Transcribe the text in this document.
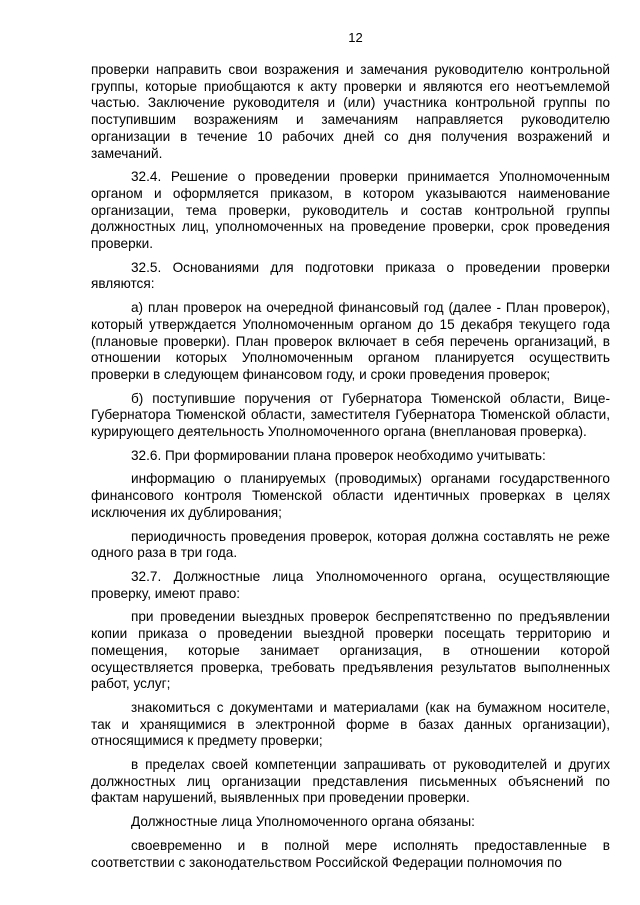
12

проверки направить свои возражения и замечания руководителю контрольной группы, которые приобщаются к акту проверки и являются его неотъемлемой частью. Заключение руководителя и (или) участника контрольной группы по поступившим возражениям и замечаниям направляется руководителю организации в течение 10 рабочих дней со дня получения возражений и замечаний.

32.4. Решение о проведении проверки принимается Уполномоченным органом и оформляется приказом, в котором указываются наименование организации, тема проверки, руководитель и состав контрольной группы должностных лиц, уполномоченных на проведение проверки, срок проведения проверки.

32.5. Основаниями для подготовки приказа о проведении проверки являются:

а) план проверок на очередной финансовый год (далее - План проверок), который утверждается Уполномоченным органом до 15 декабря текущего года (плановые проверки). План проверок включает в себя перечень организаций, в отношении которых Уполномоченным органом планируется осуществить проверки в следующем финансовом году, и сроки проведения проверок;

б) поступившие поручения от Губернатора Тюменской области, Вице-Губернатора Тюменской области, заместителя Губернатора Тюменской области, курирующего деятельность Уполномоченного органа (внеплановая проверка).

32.6. При формировании плана проверок необходимо учитывать:

информацию о планируемых (проводимых) органами государственного финансового контроля Тюменской области идентичных проверках в целях исключения их дублирования;

периодичность проведения проверок, которая должна составлять не реже одного раза в три года.

32.7. Должностные лица Уполномоченного органа, осуществляющие проверку, имеют право:

при проведении выездных проверок беспрепятственно по предъявлении копии приказа о проведении выездной проверки посещать территорию и помещения, которые занимает организация, в отношении которой осуществляется проверка, требовать предъявления результатов выполненных работ, услуг;

знакомиться с документами и материалами (как на бумажном носителе, так и хранящимися в электронной форме в базах данных организации), относящимися к предмету проверки;

в пределах своей компетенции запрашивать от руководителей и других должностных лиц организации представления письменных объяснений по фактам нарушений, выявленных при проведении проверки.

Должностные лица Уполномоченного органа обязаны:

своевременно и в полной мере исполнять предоставленные в соответствии с законодательством Российской Федерации полномочия по
